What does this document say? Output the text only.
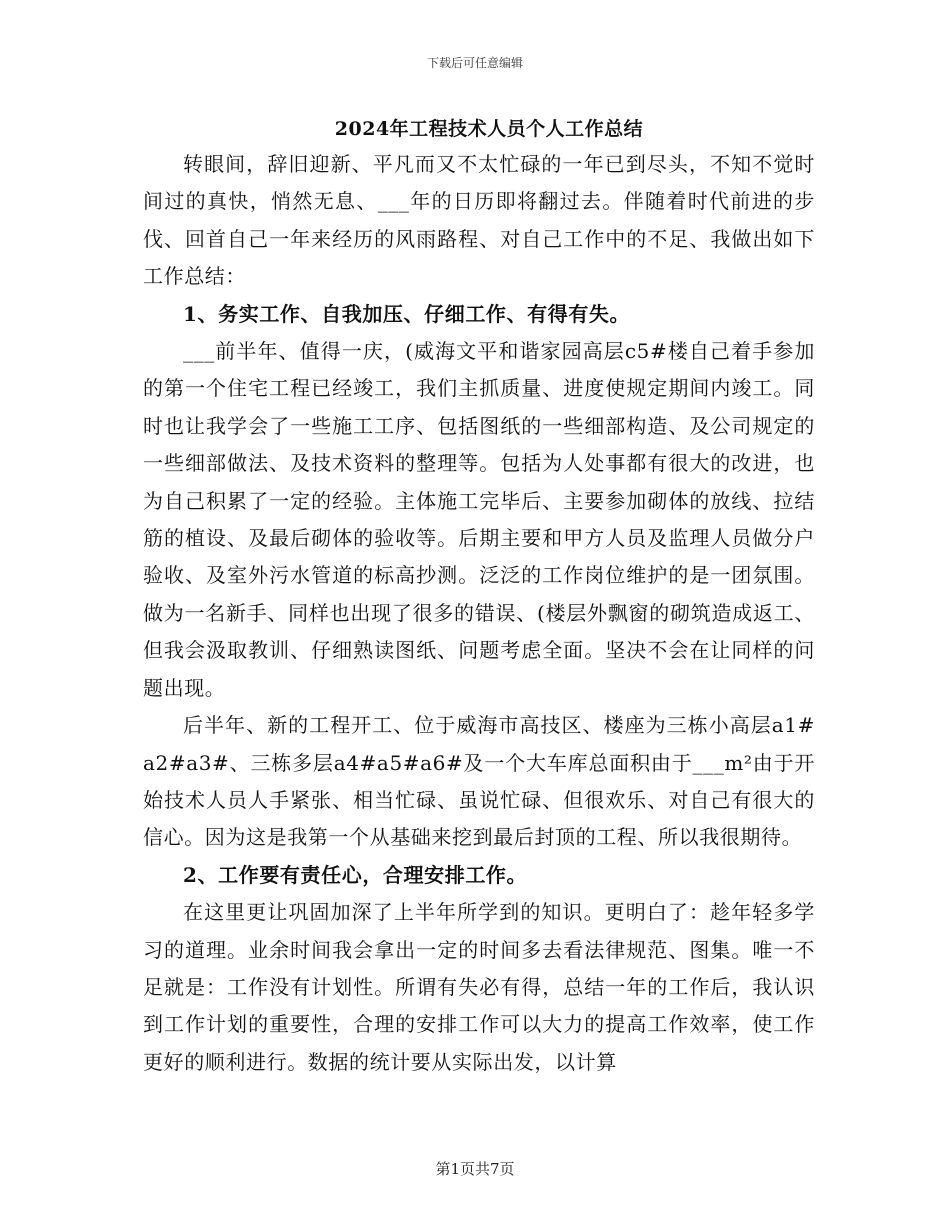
下载后可任意编辑
2024年工程技术人员个人工作总结

转眼间，辞旧迎新、平凡而又不太忙碌的一年已到尽头，不知不觉时间过的真快，悄然无息、___年的日历即将翻过去。伴随着时代前进的步伐、回首自己一年来经历的风雨路程、对自己工作中的不足、我做出如下工作总结：

1、务实工作、自我加压、仔细工作、有得有失。

___前半年、值得一庆，(威海文平和谐家园高层c5#楼自己着手参加的第一个住宅工程已经竣工，我们主抓质量、进度使规定期间内竣工。同时也让我学会了一些施工工序、包括图纸的一些细部构造、及公司规定的一些细部做法、及技术资料的整理等。包括为人处事都有很大的改进，也为自己积累了一定的经验。主体施工完毕后、主要参加砌体的放线、拉结筋的植设、及最后砌体的验收等。后期主要和甲方人员及监理人员做分户验收、及室外污水管道的标高抄测。泛泛的工作岗位维护的是一团氛围。做为一名新手、同样也出现了很多的错误、(楼层外飘窗的砌筑造成返工、但我会汲取教训、仔细熟读图纸、问题考虑全面。坚决不会在让同样的问题出现。

后半年、新的工程开工、位于威海市高技区、楼座为三栋小高层a1#a2#a3#、三栋多层a4#a5#a6#及一个大车库总面积由于___m²由于开始技术人员人手紧张、相当忙碌、虽说忙碌、但很欢乐、对自己有很大的信心。因为这是我第一个从基础来挖到最后封顶的工程、所以我很期待。

2、工作要有责任心，合理安排工作。

在这里更让巩固加深了上半年所学到的知识。更明白了：趁年轻多学习的道理。业余时间我会拿出一定的时间多去看法律规范、图集。唯一不足就是：工作没有计划性。所谓有失必有得，总结一年的工作后，我认识到工作计划的重要性，合理的安排工作可以大力的提高工作效率，使工作更好的顺利进行。数据的统计要从实际出发，以计算

第1页共7页
